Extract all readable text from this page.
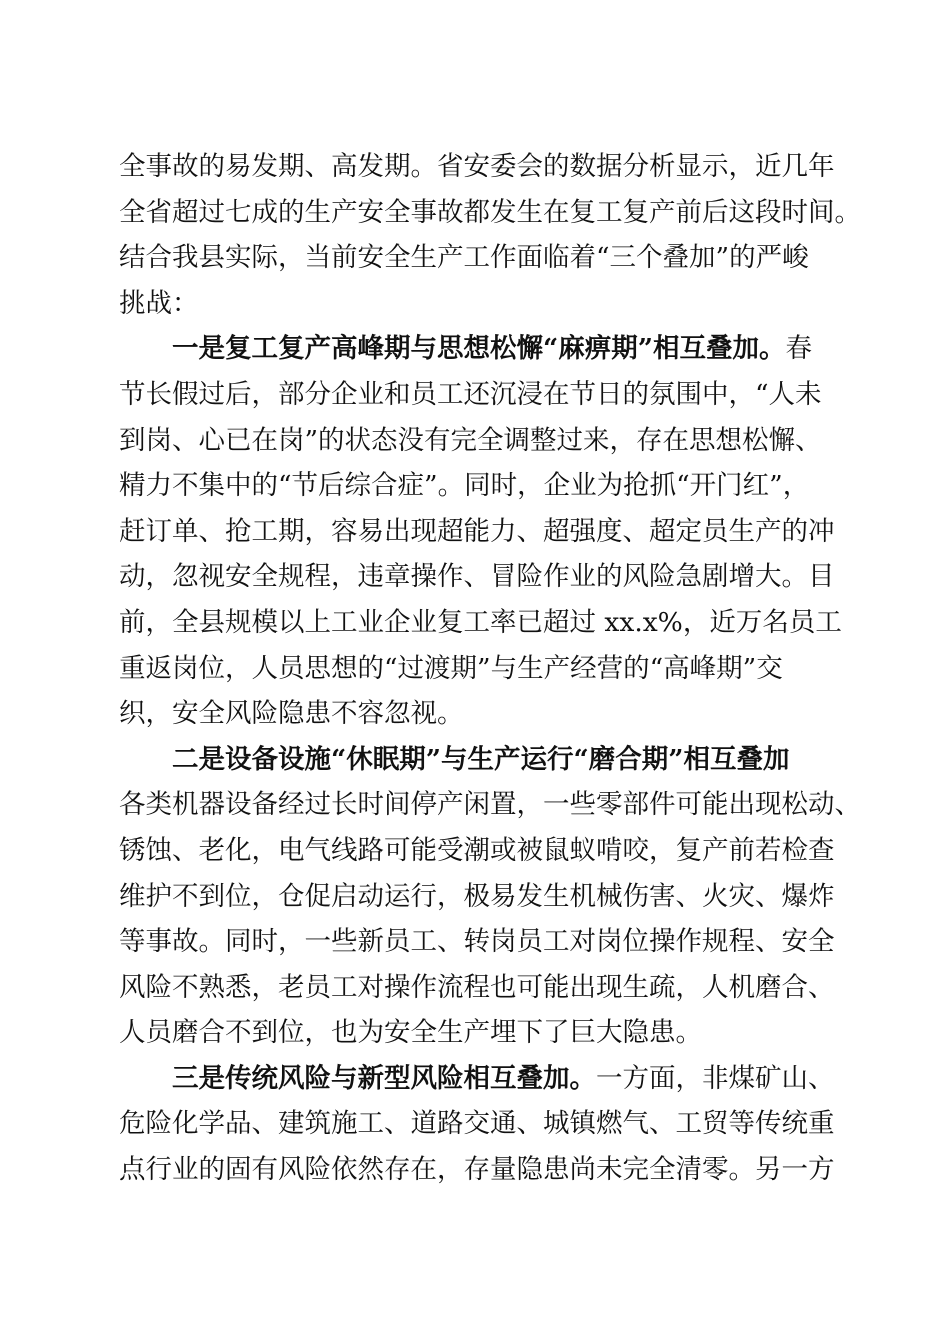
全事故的易发期、高发期。省安委会的数据分析显示，近几年
全省超过七成的生产安全事故都发生在复工复产前后这段时间。
结合我县实际，当前安全生产工作面临着“三个叠加”的严峻
挑战：
一是复工复产高峰期与思想松懈“麻痹期”相互叠加。春
节长假过后，部分企业和员工还沉浸在节日的氛围中，“人未
到岗、心已在岗”的状态没有完全调整过来，存在思想松懈、
精力不集中的“节后综合症”。同时，企业为抢抓“开门红”，
赶订单、抢工期，容易出现超能力、超强度、超定员生产的冲
动，忽视安全规程，违章操作、冒险作业的风险急剧增大。目
前，全县规模以上工业企业复工率已超过 xx.x%，近万名员工
重返岗位，人员思想的“过渡期”与生产经营的“高峰期”交
织，安全风险隐患不容忽视。
二是设备设施“休眠期”与生产运行“磨合期”相互叠加
各类机器设备经过长时间停产闲置，一些零部件可能出现松动、
锈蚀、老化，电气线路可能受潮或被鼠蚁啃咬，复产前若检查
维护不到位，仓促启动运行，极易发生机械伤害、火灾、爆炸
等事故。同时，一些新员工、转岗员工对岗位操作规程、安全
风险不熟悉，老员工对操作流程也可能出现生疏，人机磨合、
人员磨合不到位，也为安全生产埋下了巨大隐患。
三是传统风险与新型风险相互叠加。一方面，非煤矿山、
危险化学品、建筑施工、道路交通、城镇燃气、工贸等传统重
点行业的固有风险依然存在，存量隐患尚未完全清零。另一方
